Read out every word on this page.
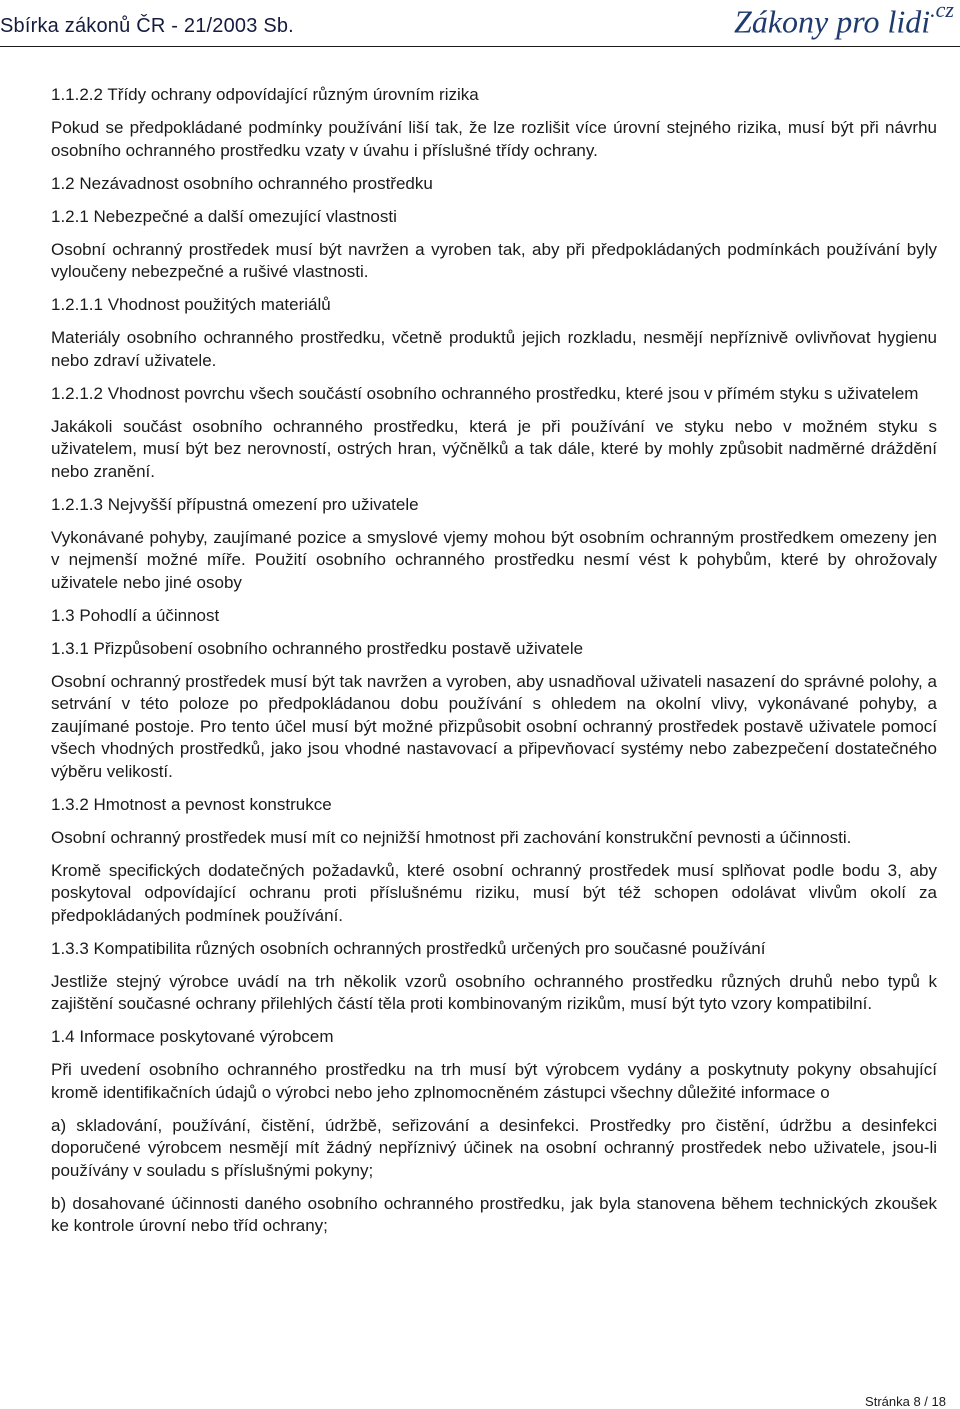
Sbírka zákonů ČR - 21/2003 Sb.	Zákony pro lidi$^{.cz}$
1.1.2.2 Třídy ochrany odpovídající různým úrovním rizika

Pokud se předpokládané podmínky používání liší tak, že lze rozlišit více úrovní stejného rizika, musí být při návrhu osobního ochranného prostředku vzaty v úvahu i příslušné třídy ochrany.

1.2 Nezávadnost osobního ochranného prostředku
1.2.1 Nebezpečné a další omezující vlastnosti

Osobní ochranný prostředek musí být navržen a vyroben tak, aby při předpokládaných podmínkách používání byly vyloučeny nebezpečné a rušivé vlastnosti.

1.2.1.1 Vhodnost použitých materiálů

Materiály osobního ochranného prostředku, včetně produktů jejich rozkladu, nesmějí nepříznivě ovlivňovat hygienu nebo zdraví uživatele.

1.2.1.2 Vhodnost povrchu všech součástí osobního ochranného prostředku, které jsou v přímém styku s uživatelem

Jakákoli součást osobního ochranného prostředku, která je při používání ve styku nebo v možném styku s uživatelem, musí být bez nerovností, ostrých hran, výčnělků a tak dále, které by mohly způsobit nadměrné dráždění nebo zranění.

1.2.1.3 Nejvyšší přípustná omezení pro uživatele

Vykonávané pohyby, zaujímané pozice a smyslové vjemy mohou být osobním ochranným prostředkem omezeny jen v nejmenší možné míře. Použití osobního ochranného prostředku nesmí vést k pohybům, které by ohrožovaly uživatele nebo jiné osoby

1.3 Pohodlí a účinnost
1.3.1 Přizpůsobení osobního ochranného prostředku postavě uživatele

Osobní ochranný prostředek musí být tak navržen a vyroben, aby usnadňoval uživateli nasazení do správné polohy, a setrvání v této poloze po předpokládanou dobu používání s ohledem na okolní vlivy, vykonávané pohyby, a zaujímané postoje. Pro tento účel musí být možné přizpůsobit osobní ochranný prostředek postavě uživatele pomocí všech vhodných prostředků, jako jsou vhodné nastavovací a připevňovací systémy nebo zabezpečení dostatečného výběru velikostí.

1.3.2 Hmotnost a pevnost konstrukce

Osobní ochranný prostředek musí mít co nejnižší hmotnost při zachování konstrukční pevnosti a účinnosti.

Kromě specifických dodatečných požadavků, které osobní ochranný prostředek musí splňovat podle bodu 3, aby poskytoval odpovídající ochranu proti příslušnému riziku, musí být též schopen odolávat vlivům okolí za předpokládaných podmínek používání.

1.3.3 Kompatibilita různých osobních ochranných prostředků určených pro současné používání

Jestliže stejný výrobce uvádí na trh několik vzorů osobního ochranného prostředku různých druhů nebo typů k zajištění současné ochrany přilehlých částí těla proti kombinovaným rizikům, musí být tyto vzory kompatibilní.

1.4 Informace poskytované výrobcem

Při uvedení osobního ochranného prostředku na trh musí být výrobcem vydány a poskytnuty pokyny obsahující kromě identifikačních údajů o výrobci nebo jeho zplnomocněném zástupci všechny důležité informace o

a) skladování, používání, čistění, údržbě, seřizování a desinfekci. Prostředky pro čistění, údržbu a desinfekci doporučené výrobcem nesmějí mít žádný nepříznivý účinek na osobní ochranný prostředek nebo uživatele, jsou-li používány v souladu s příslušnými pokyny;

b) dosahované účinnosti daného osobního ochranného prostředku, jak byla stanovena během technických zkoušek ke kontrole úrovní nebo tříd ochrany;

Stránka 8 / 18
